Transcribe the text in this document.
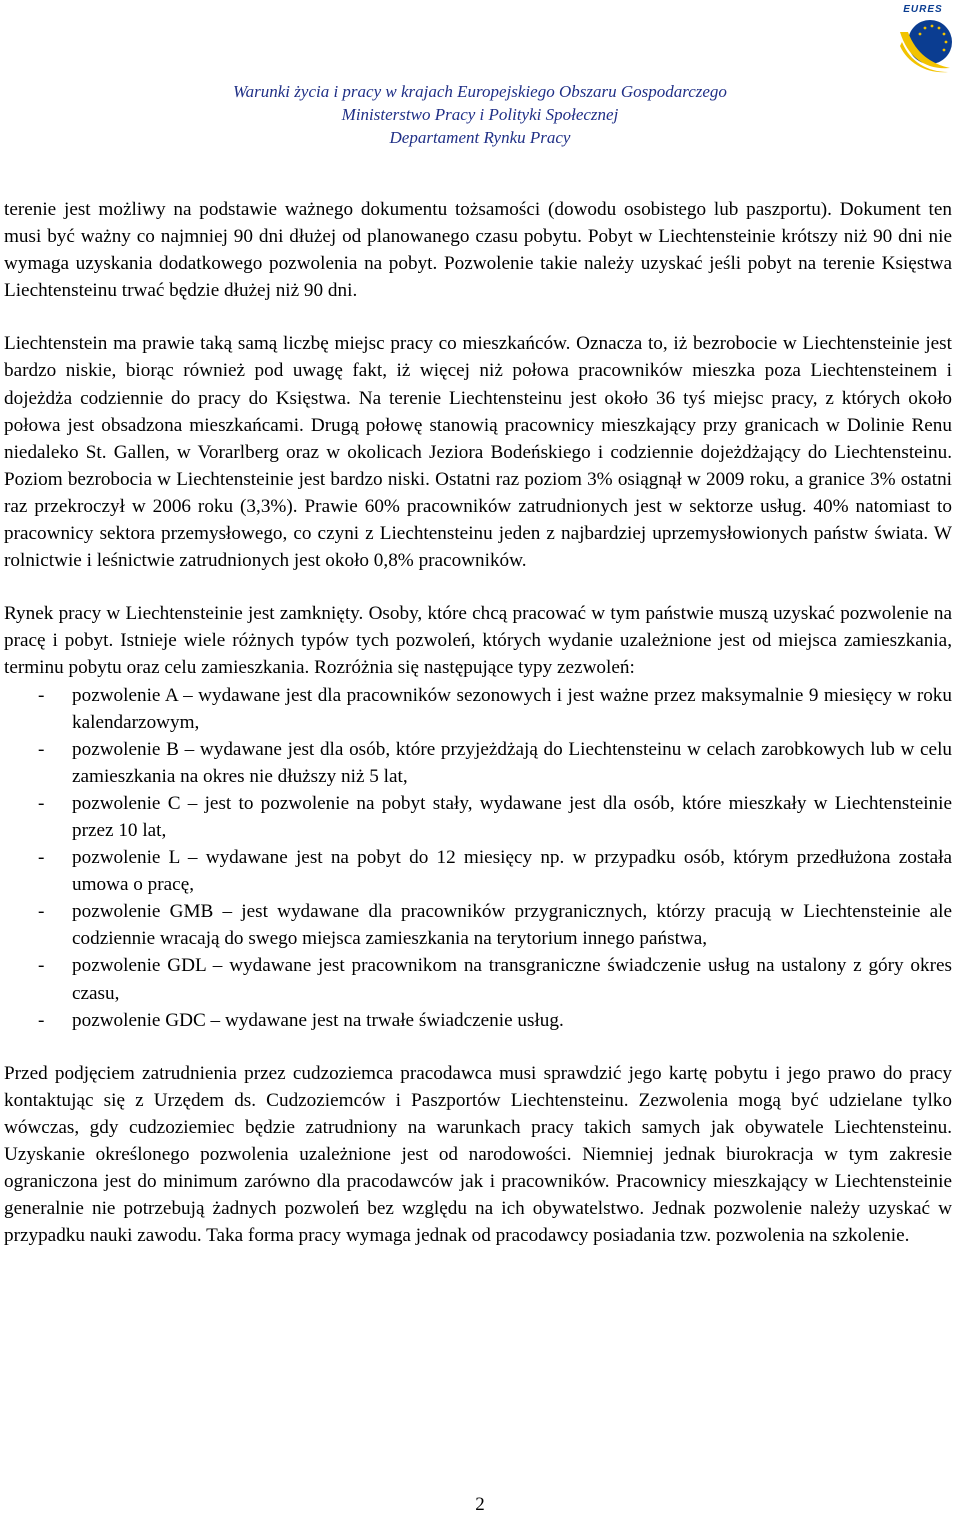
EURES
Warunki życia i pracy w krajach Europejskiego Obszaru Gospodarczego
Ministerstwo Pracy i Polityki Społecznej
Departament Rynku Pracy

terenie jest możliwy na podstawie ważnego dokumentu tożsamości (dowodu osobistego lub paszportu). Dokument ten musi być ważny co najmniej 90 dni dłużej od planowanego czasu pobytu. Pobyt w Liechtensteinie krótszy niż 90 dni nie wymaga uzyskania dodatkowego pozwolenia na pobyt. Pozwolenie takie należy uzyskać jeśli pobyt na terenie Księstwa Liechtensteinu trwać będzie dłużej niż 90 dni.

Liechtenstein ma prawie taką samą liczbę miejsc pracy co mieszkańców. Oznacza to, iż bezrobocie w Liechtensteinie jest bardzo niskie, biorąc również pod uwagę fakt, iż więcej niż połowa pracowników mieszka poza Liechtensteinem i dojeżdża codziennie do pracy do Księstwa. Na terenie Liechtensteinu jest około 36 tyś miejsc pracy, z których około połowa jest obsadzona mieszkańcami. Drugą połowę stanowią pracownicy mieszkający przy granicach w Dolinie Renu niedaleko St. Gallen, w Vorarlberg oraz w okolicach Jeziora Bodeńskiego i codziennie dojeżdżający do Liechtensteinu. Poziom bezrobocia w Liechtensteinie jest bardzo niski. Ostatni raz poziom 3% osiągnął w 2009 roku, a granice 3% ostatni raz przekroczył w 2006 roku (3,3%). Prawie 60% pracowników zatrudnionych jest w sektorze usług. 40% natomiast to pracownicy sektora przemysłowego, co czyni z Liechtensteinu jeden z najbardziej uprzemysłowionych państw świata. W rolnictwie i leśnictwie zatrudnionych jest około 0,8% pracowników.

Rynek pracy w Liechtensteinie jest zamknięty. Osoby, które chcą pracować w tym państwie muszą uzyskać pozwolenie na pracę i pobyt. Istnieje wiele różnych typów tych pozwoleń, których wydanie uzależnione jest od miejsca zamieszkania, terminu pobytu oraz celu zamieszkania. Rozróżnia się następujące typy zezwoleń:

- pozwolenie A – wydawane jest dla pracowników sezonowych i jest ważne przez maksymalnie 9 miesięcy w roku kalendarzowym,
- pozwolenie B – wydawane jest dla osób, które przyjeżdżają do Liechtensteinu w celach zarobkowych lub w celu zamieszkania na okres nie dłuższy niż 5 lat,
- pozwolenie C – jest to pozwolenie na pobyt stały, wydawane jest dla osób, które mieszkały w Liechtensteinie przez 10 lat,
- pozwolenie L – wydawane jest na pobyt do 12 miesięcy np. w przypadku osób, którym przedłużona została umowa o pracę,
- pozwolenie GMB – jest wydawane dla pracowników przygranicznych, którzy pracują w Liechtensteinie ale codziennie wracają do swego miejsca zamieszkania na terytorium innego państwa,
- pozwolenie GDL – wydawane jest pracownikom na transgraniczne świadczenie usług na ustalony z góry okres czasu,
- pozwolenie GDC – wydawane jest na trwałe świadczenie usług.

Przed podjęciem zatrudnienia przez cudzoziemca pracodawca musi sprawdzić jego kartę pobytu i jego prawo do pracy kontaktując się z Urzędem ds. Cudzoziemców i Paszportów Liechtensteinu. Zezwolenia mogą być udzielane tylko wówczas, gdy cudzoziemiec będzie zatrudniony na warunkach pracy takich samych jak obywatele Liechtensteinu. Uzyskanie określonego pozwolenia uzależnione jest od narodowości. Niemniej jednak biurokracja w tym zakresie ograniczona jest do minimum zarówno dla pracodawców jak i pracowników. Pracownicy mieszkający w Liechtensteinie generalnie nie potrzebują żadnych pozwoleń bez względu na ich obywatelstwo. Jednak pozwolenie należy uzyskać w przypadku nauki zawodu. Taka forma pracy wymaga jednak od pracodawcy posiadania tzw. pozwolenia na szkolenie.

2
